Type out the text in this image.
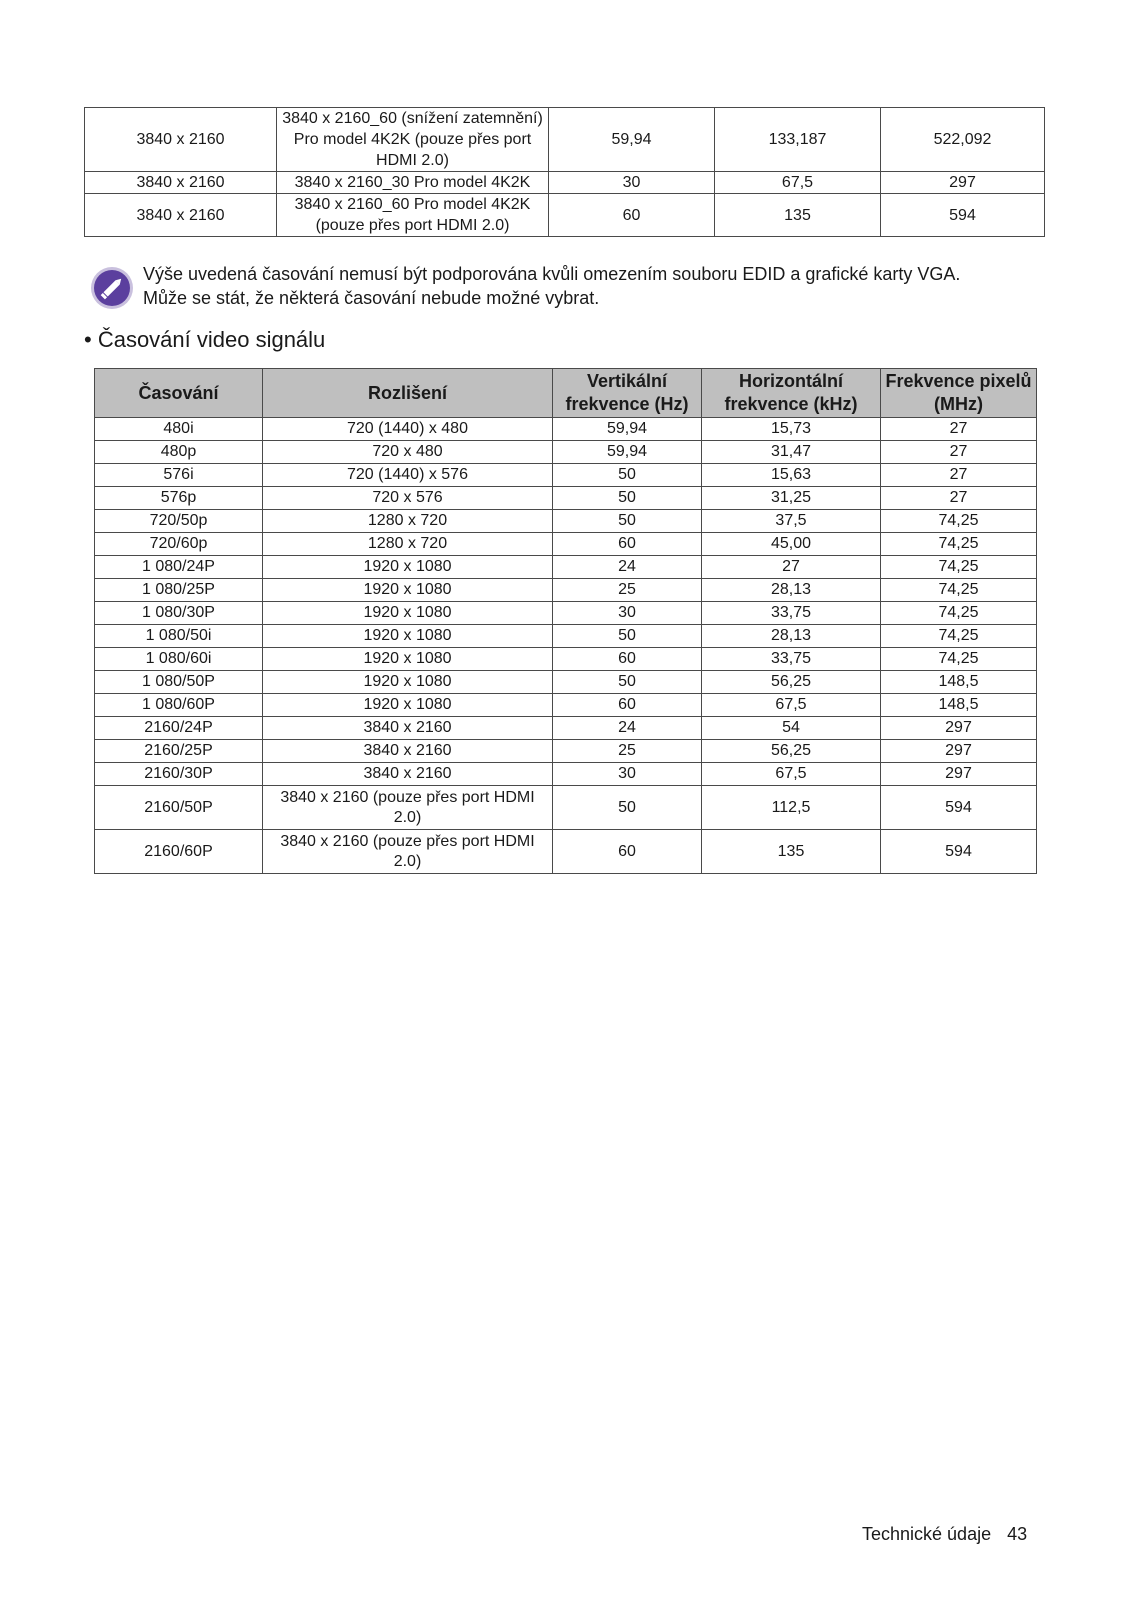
3840 x 2160	3840 x 2160_60 (snížení zatemnění) Pro model 4K2K (pouze přes port HDMI 2.0)	59,94	133,187	522,092
3840 x 2160	3840 x 2160_30 Pro model 4K2K	30	67,5	297
3840 x 2160	3840 x 2160_60 Pro model 4K2K (pouze přes port HDMI 2.0)	60	135	594
Výše uvedená časování nemusí být podporována kvůli omezením souboru EDID a grafické karty VGA.
Může se stát, že některá časování nebude možné vybrat.
• Časování video signálu
Časování	Rozlišení	Vertikální frekvence (Hz)	Horizontální frekvence (kHz)	Frekvence pixelů (MHz)
480i	720 (1440) x 480	59,94	15,73	27
480p	720 x 480	59,94	31,47	27
576i	720 (1440) x 576	50	15,63	27
576p	720 x 576	50	31,25	27
720/50p	1280 x 720	50	37,5	74,25
720/60p	1280 x 720	60	45,00	74,25
1 080/24P	1920 x 1080	24	27	74,25
1 080/25P	1920 x 1080	25	28,13	74,25
1 080/30P	1920 x 1080	30	33,75	74,25
1 080/50i	1920 x 1080	50	28,13	74,25
1 080/60i	1920 x 1080	60	33,75	74,25
1 080/50P	1920 x 1080	50	56,25	148,5
1 080/60P	1920 x 1080	60	67,5	148,5
2160/24P	3840 x 2160	24	54	297
2160/25P	3840 x 2160	25	56,25	297
2160/30P	3840 x 2160	30	67,5	297
2160/50P	3840 x 2160 (pouze přes port HDMI 2.0)	50	112,5	594
2160/60P	3840 x 2160 (pouze přes port HDMI 2.0)	60	135	594
Technické údaje 43
